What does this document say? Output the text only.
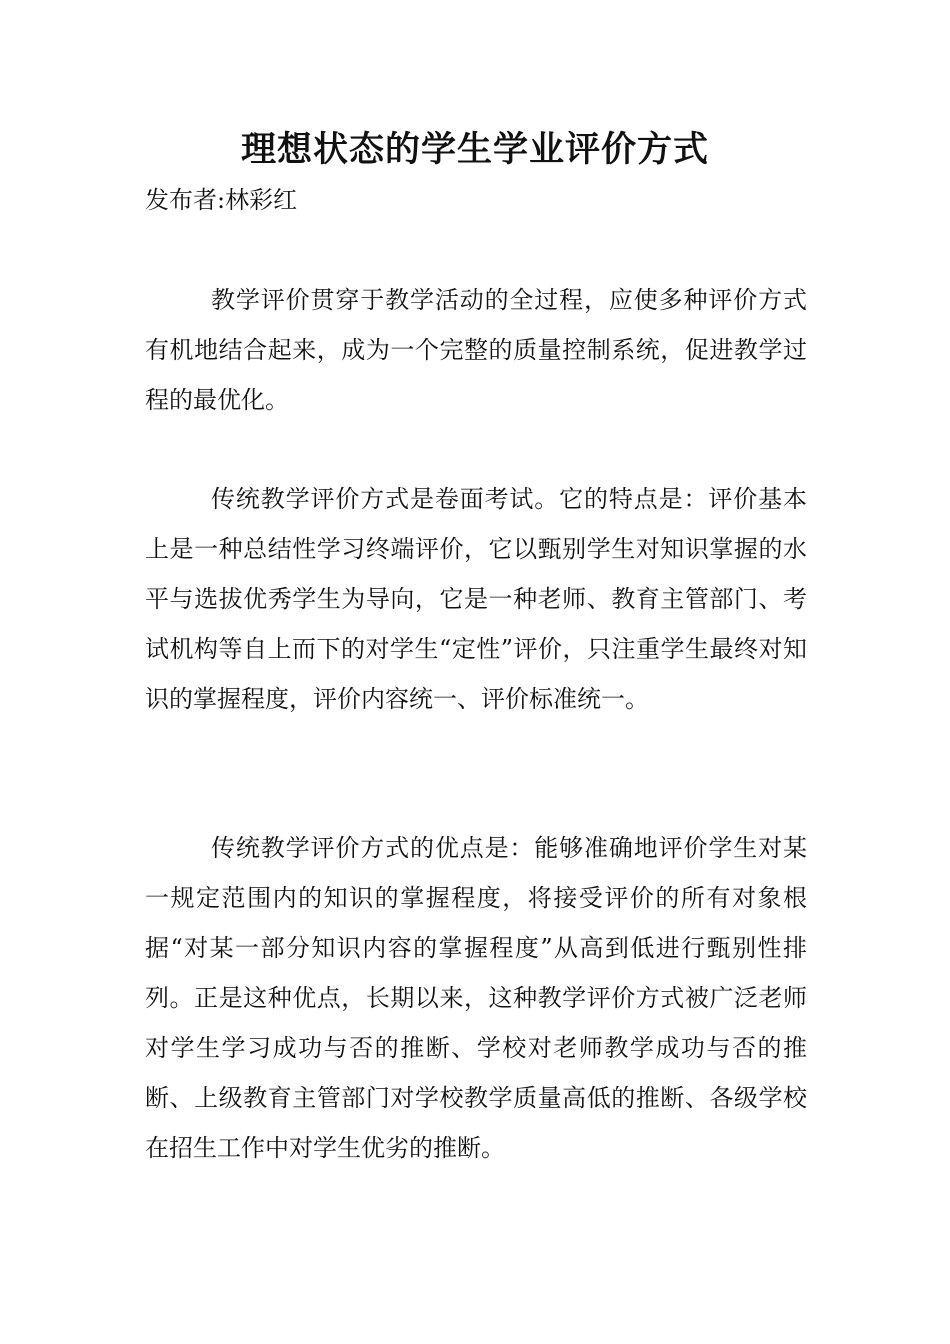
理想状态的学生学业评价方式

发布者:林彩红

教学评价贯穿于教学活动的全过程，应使多种评价方式有机地结合起来，成为一个完整的质量控制系统，促进教学过程的最优化。

传统教学评价方式是卷面考试。它的特点是：评价基本上是一种总结性学习终端评价，它以甄别学生对知识掌握的水平与选拔优秀学生为导向，它是一种老师、教育主管部门、考试机构等自上而下的对学生“定性”评价，只注重学生最终对知识的掌握程度，评价内容统一、评价标准统一。

传统教学评价方式的优点是：能够准确地评价学生对某一规定范围内的知识的掌握程度，将接受评价的所有对象根据“对某一部分知识内容的掌握程度”从高到低进行甄别性排列。正是这种优点，长期以来，这种教学评价方式被广泛老师对学生学习成功与否的推断、学校对老师教学成功与否的推断、上级教育主管部门对学校教学质量高低的推断、各级学校在招生工作中对学生优劣的推断。
